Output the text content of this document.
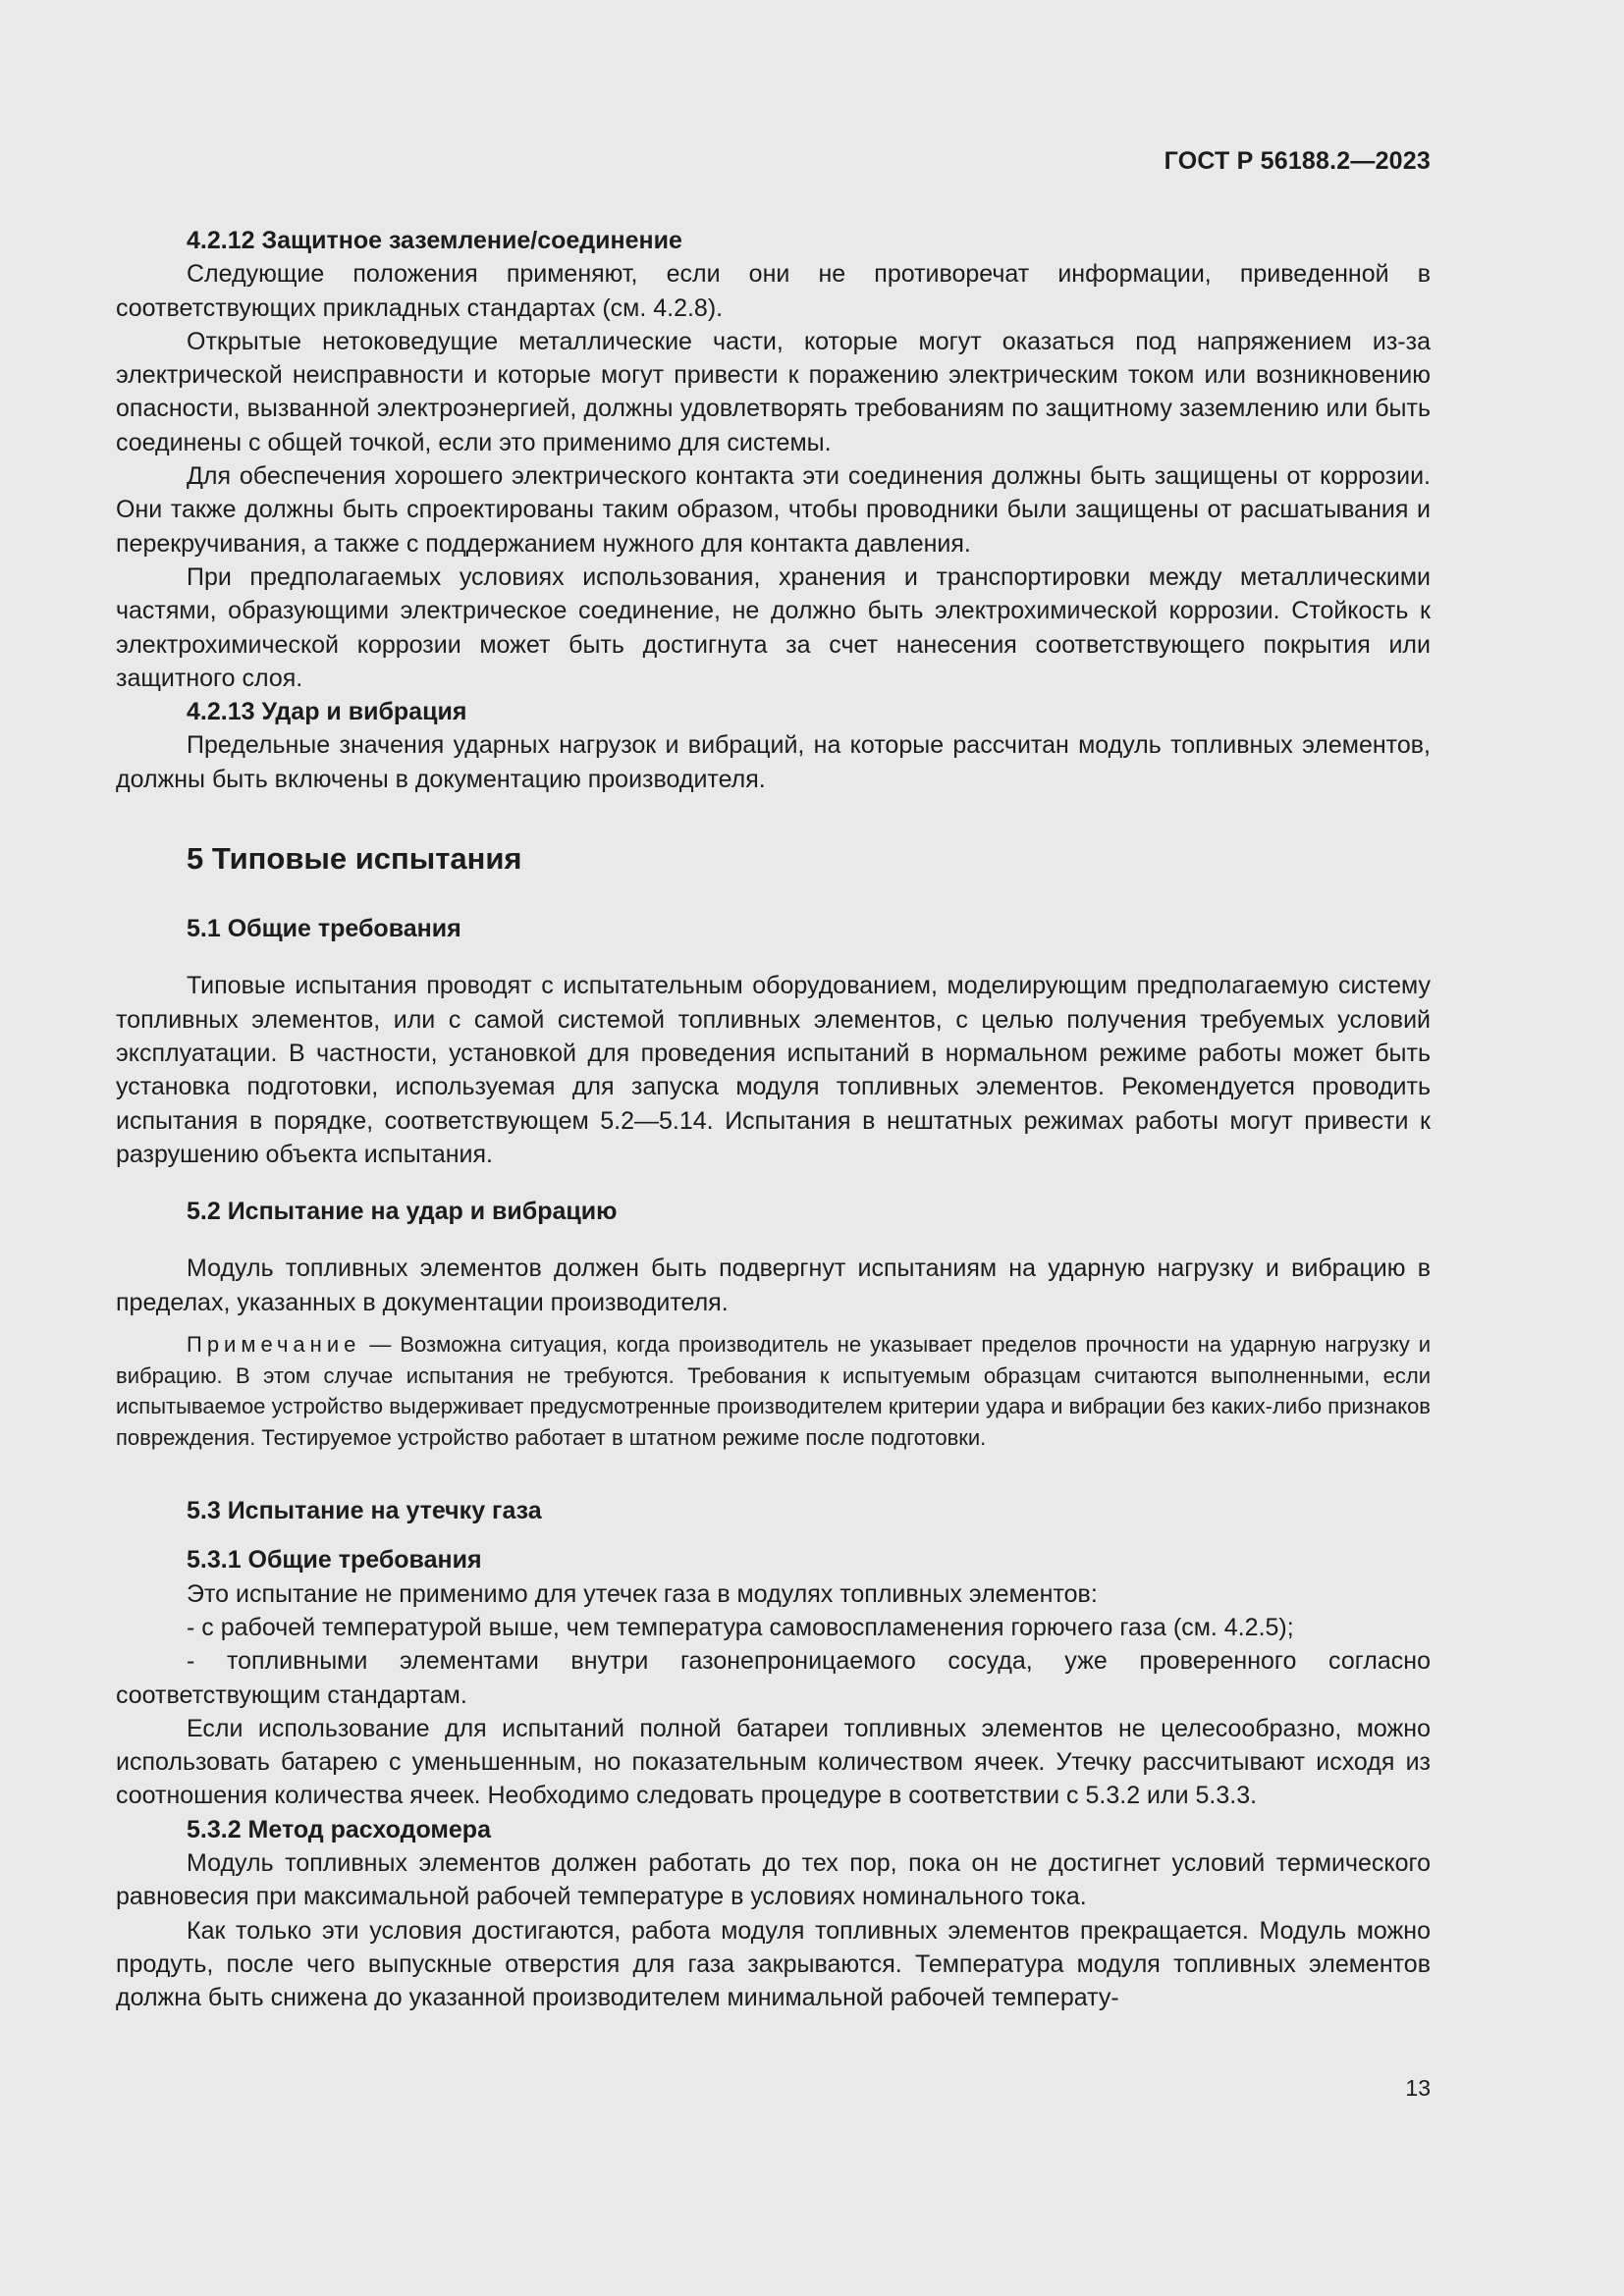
ГОСТ Р 56188.2—2023
4.2.12 Защитное заземление/соединение

Следующие положения применяют, если они не противоречат информации, приведенной в соответствующих прикладных стандартах (см. 4.2.8).

Открытые нетоковедущие металлические части, которые могут оказаться под напряжением из-за электрической неисправности и которые могут привести к поражению электрическим током или возникновению опасности, вызванной электроэнергией, должны удовлетворять требованиям по защитному заземлению или быть соединены с общей точкой, если это применимо для системы.

Для обеспечения хорошего электрического контакта эти соединения должны быть защищены от коррозии. Они также должны быть спроектированы таким образом, чтобы проводники были защищены от расшатывания и перекручивания, а также с поддержанием нужного для контакта давления.

При предполагаемых условиях использования, хранения и транспортировки между металлическими частями, образующими электрическое соединение, не должно быть электрохимической коррозии. Стойкость к электрохимической коррозии может быть достигнута за счет нанесения соответствующего покрытия или защитного слоя.

4.2.13 Удар и вибрация

Предельные значения ударных нагрузок и вибраций, на которые рассчитан модуль топливных элементов, должны быть включены в документацию производителя.

5 Типовые испытания
5.1 Общие требования

Типовые испытания проводят с испытательным оборудованием, моделирующим предполагаемую систему топливных элементов, или с самой системой топливных элементов, с целью получения требуемых условий эксплуатации. В частности, установкой для проведения испытаний в нормальном режиме работы может быть установка подготовки, используемая для запуска модуля топливных элементов. Рекомендуется проводить испытания в порядке, соответствующем 5.2—5.14. Испытания в нештатных режимах работы могут привести к разрушению объекта испытания.

5.2 Испытание на удар и вибрацию

Модуль топливных элементов должен быть подвергнут испытаниям на ударную нагрузку и вибрацию в пределах, указанных в документации производителя.

Примечание — Возможна ситуация, когда производитель не указывает пределов прочности на ударную нагрузку и вибрацию. В этом случае испытания не требуются. Требования к испытуемым образцам считаются выполненными, если испытываемое устройство выдерживает предусмотренные производителем критерии удара и вибрации без каких-либо признаков повреждения. Тестируемое устройство работает в штатном режиме после подготовки.
5.3 Испытание на утечку газа
5.3.1 Общие требования

Это испытание не применимо для утечек газа в модулях топливных элементов:

- с рабочей температурой выше, чем температура самовоспламенения горючего газа (см. 4.2.5);

- топливными элементами внутри газонепроницаемого сосуда, уже проверенного согласно соответствующим стандартам.

Если использование для испытаний полной батареи топливных элементов не целесообразно, можно использовать батарею с уменьшенным, но показательным количеством ячеек. Утечку рассчитывают исходя из соотношения количества ячеек. Необходимо следовать процедуре в соответствии с 5.3.2 или 5.3.3.

5.3.2 Метод расходомера

Модуль топливных элементов должен работать до тех пор, пока он не достигнет условий термического равновесия при максимальной рабочей температуре в условиях номинального тока.

Как только эти условия достигаются, работа модуля топливных элементов прекращается. Модуль можно продуть, после чего выпускные отверстия для газа закрываются. Температура модуля топливных элементов должна быть снижена до указанной производителем минимальной рабочей температу-

13
